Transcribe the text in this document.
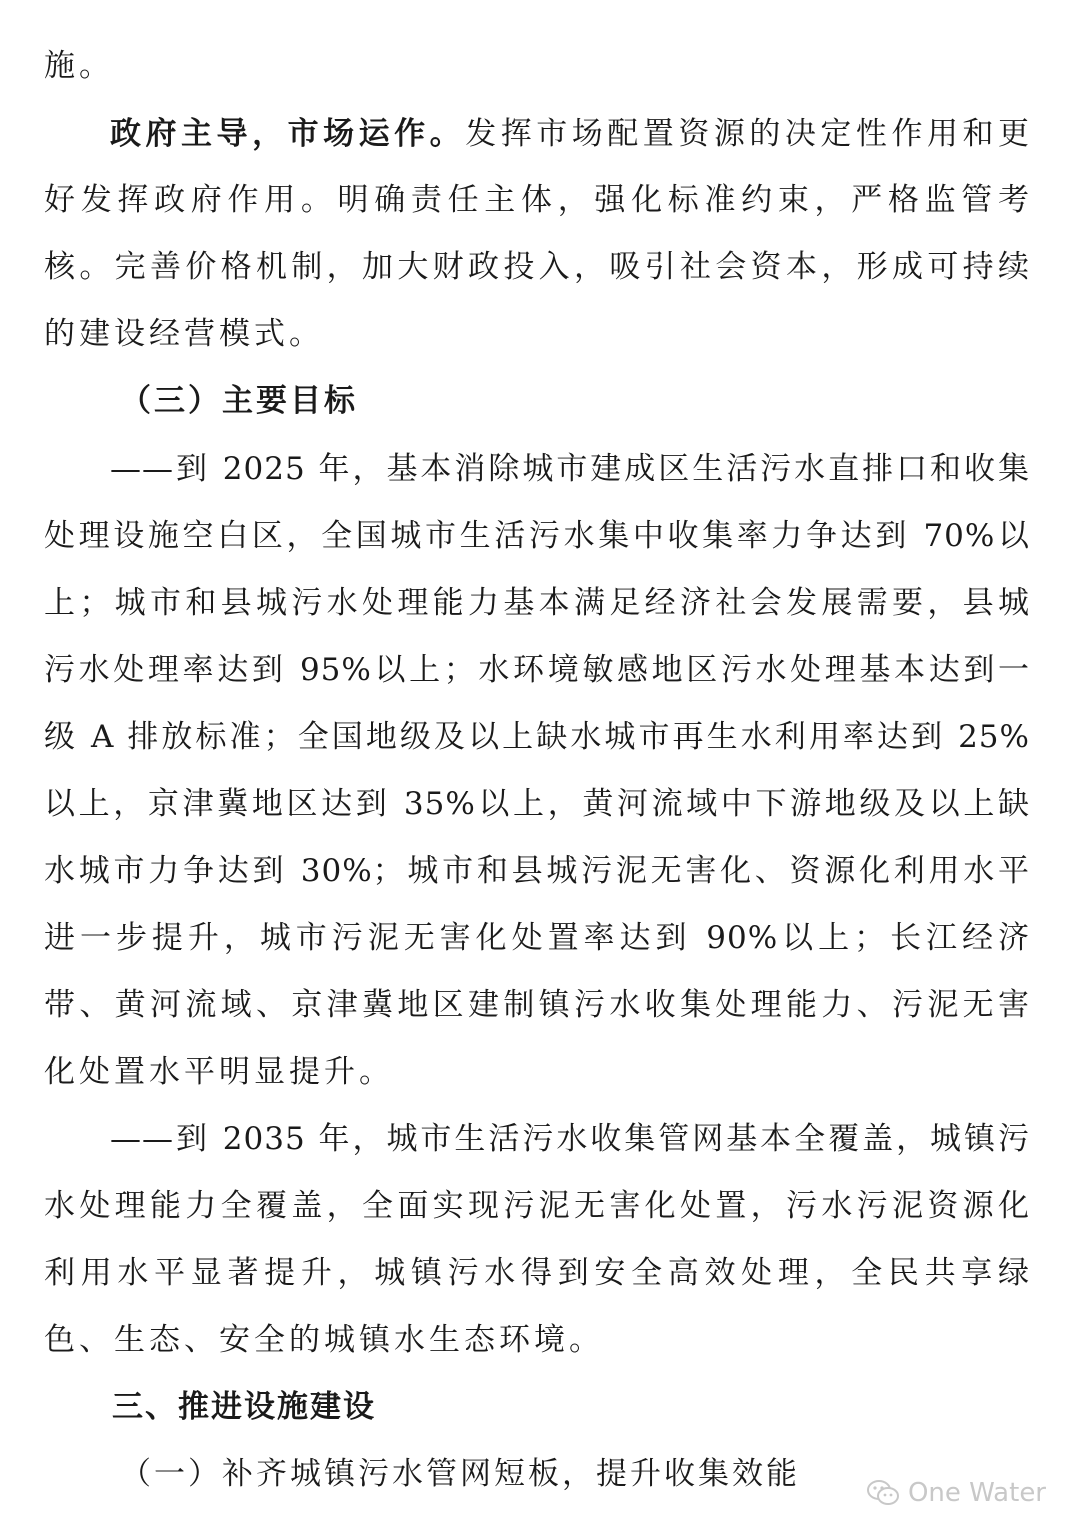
施。
政府主导，市场运作。发挥市场配置资源的决定性作用和更
好发挥政府作用。明确责任主体，强化标准约束，严格监管考
核。完善价格机制，加大财政投入，吸引社会资本，形成可持续
的建设经营模式。
（三）主要目标
——到 2025 年，基本消除城市建成区生活污水直排口和收集
处理设施空白区，全国城市生活污水集中收集率力争达到 70%以
上；城市和县城污水处理能力基本满足经济社会发展需要，县城
污水处理率达到 95%以上；水环境敏感地区污水处理基本达到一
级 A 排放标准；全国地级及以上缺水城市再生水利用率达到 25%
以上，京津冀地区达到 35%以上，黄河流域中下游地级及以上缺
水城市力争达到 30%；城市和县城污泥无害化、资源化利用水平
进一步提升，城市污泥无害化处置率达到 90%以上；长江经济
带、黄河流域、京津冀地区建制镇污水收集处理能力、污泥无害
化处置水平明显提升。
——到 2035 年，城市生活污水收集管网基本全覆盖，城镇污
水处理能力全覆盖，全面实现污泥无害化处置，污水污泥资源化
利用水平显著提升，城镇污水得到安全高效处理，全民共享绿
色、生态、安全的城镇水生态环境。
三、推进设施建设
（一）补齐城镇污水管网短板，提升收集效能
One Water
